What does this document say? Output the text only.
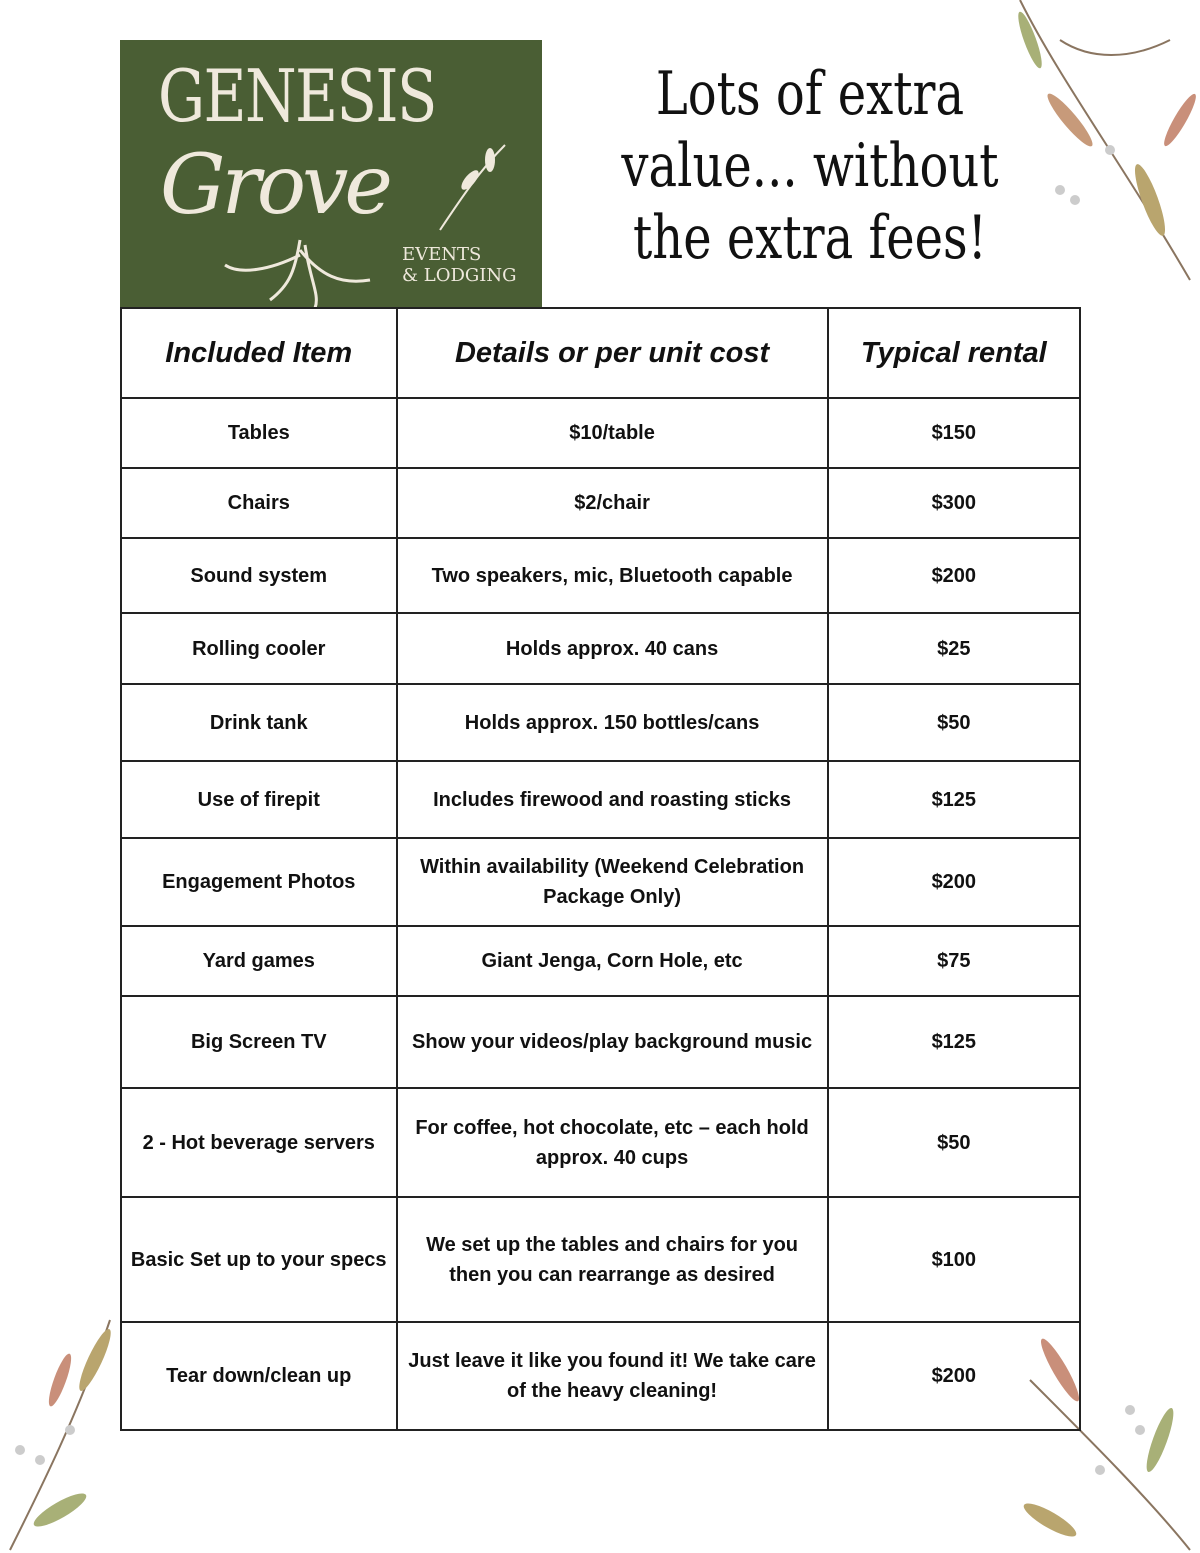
GENESIS
Grove
EVENTS
& LODGING
Lots of extra
value... without
the extra fees!
Included Item	Details or per unit cost	Typical rental
Tables	$10/table	$150
Chairs	$2/chair	$300
Sound system	Two speakers, mic, Bluetooth capable	$200
Rolling cooler	Holds approx. 40 cans	$25
Drink tank	Holds approx. 150 bottles/cans	$50
Use of firepit	Includes firewood and roasting sticks	$125
Engagement Photos	Within availability (Weekend Celebration Package Only)	$200
Yard games	Giant Jenga, Corn Hole, etc	$75
Big Screen TV	Show your videos/play background music	$125
2 - Hot beverage servers	For coffee, hot chocolate, etc – each hold approx. 40 cups	$50
Basic Set up to your specs	We set up the tables and chairs for you then you can rearrange as desired	$100
Tear down/clean up	Just leave it like you found it! We take care of the heavy cleaning!	$200
